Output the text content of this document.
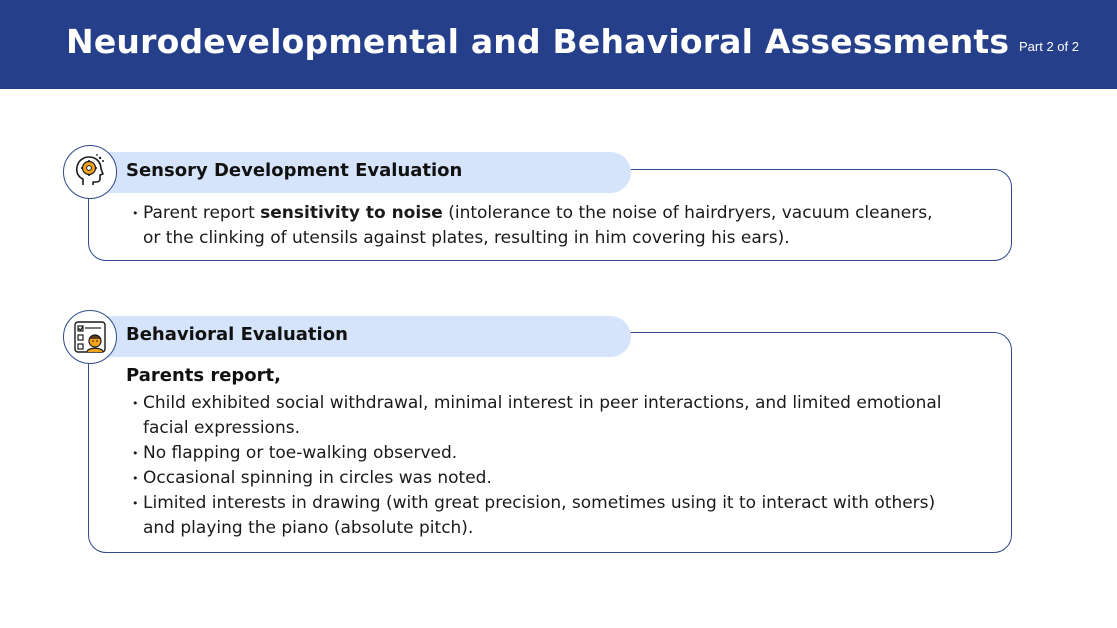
Neurodevelopmental and Behavioral Assessments Part 2 of 2
Sensory Development Evaluation
• Parent report sensitivity to noise (intolerance to the noise of hairdryers, vacuum cleaners, or the clinking of utensils against plates, resulting in him covering his ears).
Behavioral Evaluation
Parents report,
• Child exhibited social withdrawal, minimal interest in peer interactions, and limited emotional facial expressions.
• No flapping or toe-walking observed.
• Occasional spinning in circles was noted.
• Limited interests in drawing (with great precision, sometimes using it to interact with others) and playing the piano (absolute pitch).
